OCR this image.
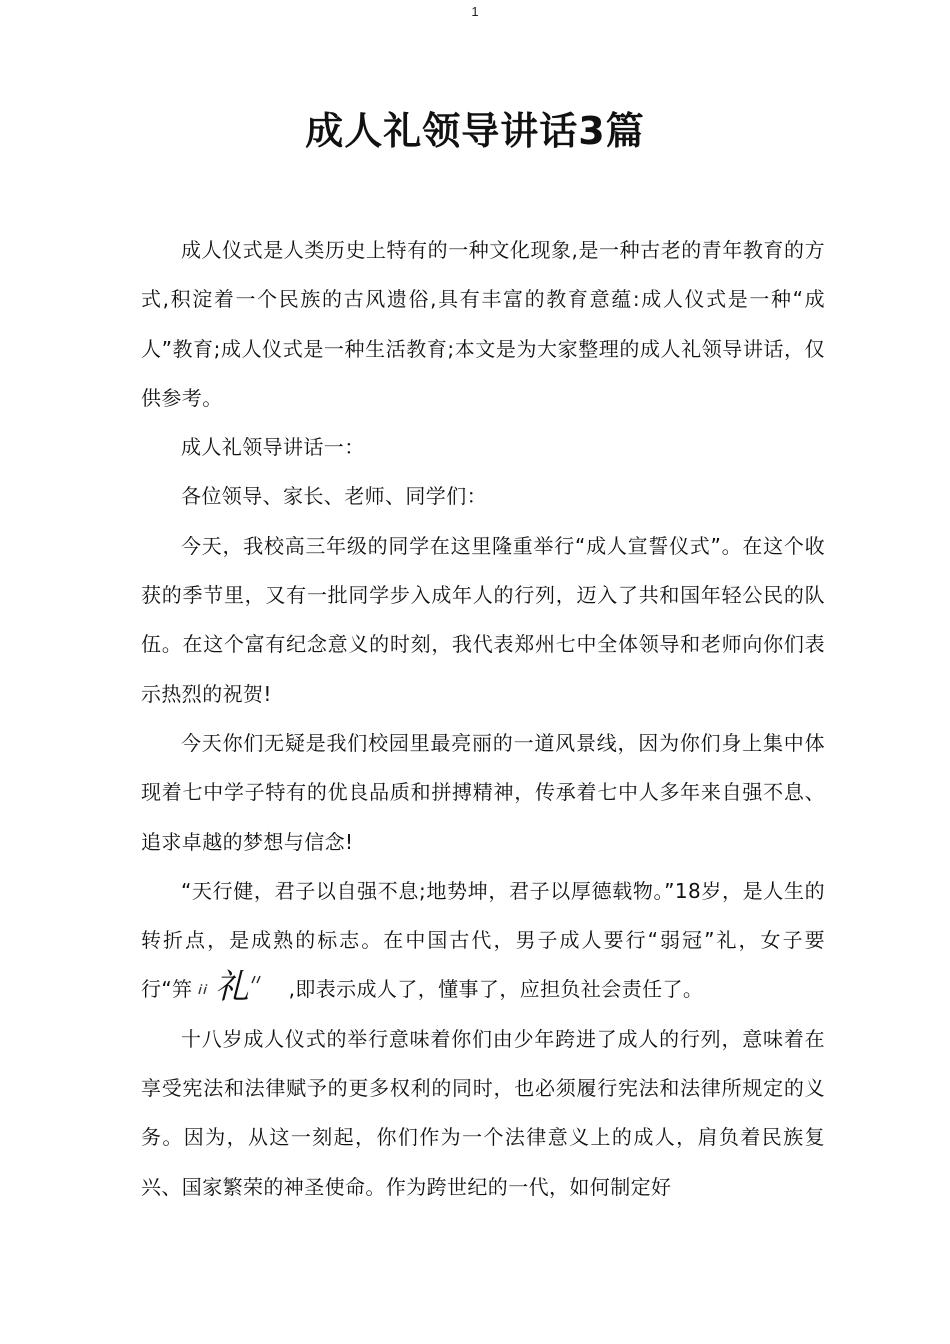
1
成人礼领导讲话3篇

成人仪式是人类历史上特有的一种文化现象,是一种古老的青年教育的方式,积淀着一个民族的古风遗俗,具有丰富的教育意蕴:成人仪式是一种“成人”教育;成人仪式是一种生活教育;本文是为大家整理的成人礼领导讲话，仅供参考。

成人礼领导讲话一：

各位领导、家长、老师、同学们：

今天，我校高三年级的同学在这里隆重举行“成人宣誓仪式”。在这个收获的季节里，又有一批同学步入成年人的行列，迈入了共和国年轻公民的队伍。在这个富有纪念意义的时刻，我代表郑州七中全体领导和老师向你们表示热烈的祝贺!

今天你们无疑是我们校园里最亮丽的一道风景线，因为你们身上集中体现着七中学子特有的优良品质和拼搏精神，传承着七中人多年来自强不息、追求卓越的梦想与信念!

“天行健，君子以自强不息;地势坤，君子以厚德载物。”18岁，是人生的转折点，是成熟的标志。在中国古代，男子成人要行“弱冠”礼，女子要行“笄 礼 ,即表示成人了，懂事了，应担负社会责任了。

十八岁成人仪式的举行意味着你们由少年跨进了成人的行列，意味着在享受宪法和法律赋予的更多权利的同时，也必须履行宪法和法律所规定的义务。因为，从这一刻起，你们作为一个法律意义上的成人，肩负着民族复兴、国家繁荣的神圣使命。作为跨世纪的一代，如何制定好
